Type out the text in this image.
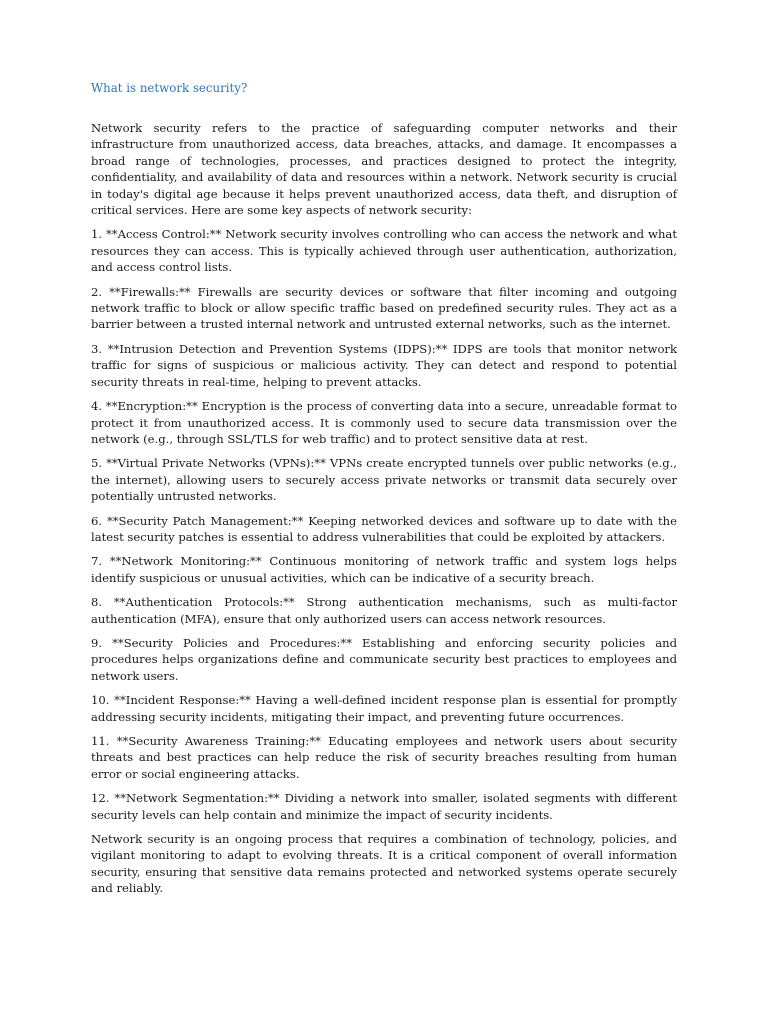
What is network security?
Network security refers to the practice of safeguarding computer networks and their infrastructure from unauthorized access, data breaches, attacks, and damage. It encompasses a broad range of technologies, processes, and practices designed to protect the integrity, confidentiality, and availability of data and resources within a network. Network security is crucial in today's digital age because it helps prevent unauthorized access, data theft, and disruption of critical services. Here are some key aspects of network security:
1. **Access Control:** Network security involves controlling who can access the network and what resources they can access. This is typically achieved through user authentication, authorization, and access control lists.
2. **Firewalls:** Firewalls are security devices or software that filter incoming and outgoing network traffic to block or allow specific traffic based on predefined security rules. They act as a barrier between a trusted internal network and untrusted external networks, such as the internet.
3. **Intrusion Detection and Prevention Systems (IDPS):** IDPS are tools that monitor network traffic for signs of suspicious or malicious activity. They can detect and respond to potential security threats in real-time, helping to prevent attacks.
4. **Encryption:** Encryption is the process of converting data into a secure, unreadable format to protect it from unauthorized access. It is commonly used to secure data transmission over the network (e.g., through SSL/TLS for web traffic) and to protect sensitive data at rest.
5. **Virtual Private Networks (VPNs):** VPNs create encrypted tunnels over public networks (e.g., the internet), allowing users to securely access private networks or transmit data securely over potentially untrusted networks.
6. **Security Patch Management:** Keeping networked devices and software up to date with the latest security patches is essential to address vulnerabilities that could be exploited by attackers.
7. **Network Monitoring:** Continuous monitoring of network traffic and system logs helps identify suspicious or unusual activities, which can be indicative of a security breach.
8. **Authentication Protocols:** Strong authentication mechanisms, such as multi-factor authentication (MFA), ensure that only authorized users can access network resources.
9. **Security Policies and Procedures:** Establishing and enforcing security policies and procedures helps organizations define and communicate security best practices to employees and network users.
10. **Incident Response:** Having a well-defined incident response plan is essential for promptly addressing security incidents, mitigating their impact, and preventing future occurrences.
11. **Security Awareness Training:** Educating employees and network users about security threats and best practices can help reduce the risk of security breaches resulting from human error or social engineering attacks.
12. **Network Segmentation:** Dividing a network into smaller, isolated segments with different security levels can help contain and minimize the impact of security incidents.
Network security is an ongoing process that requires a combination of technology, policies, and vigilant monitoring to adapt to evolving threats. It is a critical component of overall information security, ensuring that sensitive data remains protected and networked systems operate securely and reliably.
